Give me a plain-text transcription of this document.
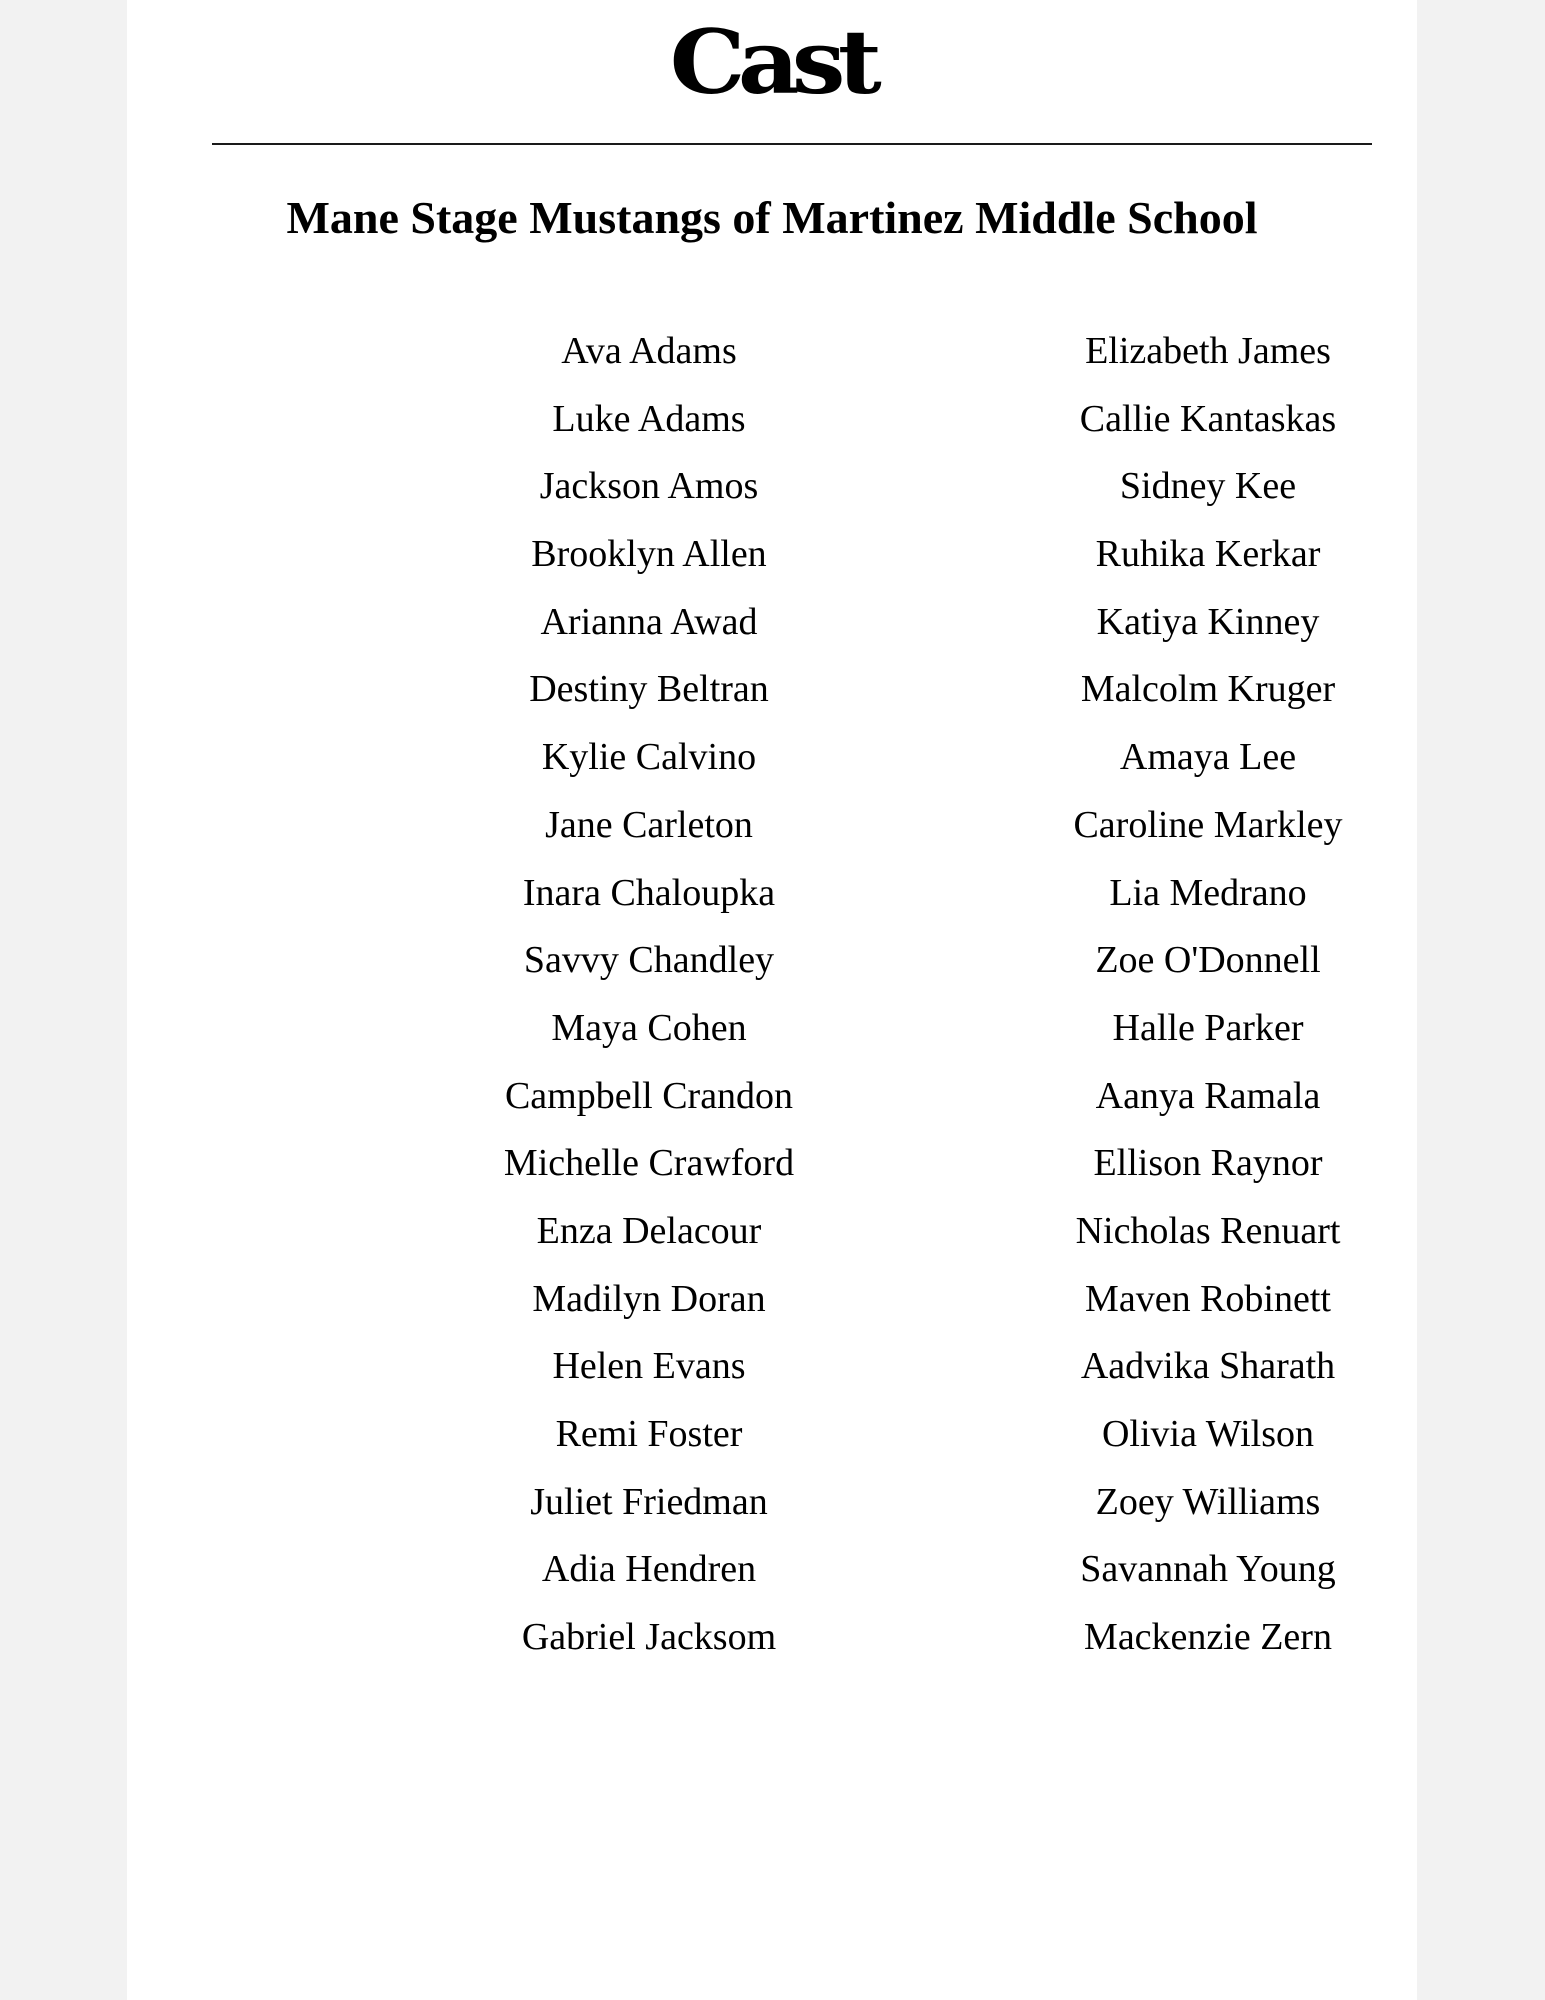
Cast
Mane Stage Mustangs of Martinez Middle School
Ava Adams
Luke Adams
Jackson Amos
Brooklyn Allen
Arianna Awad
Destiny Beltran
Kylie Calvino
Jane Carleton
Inara Chaloupka
Savvy Chandley
Maya Cohen
Campbell Crandon
Michelle Crawford
Enza Delacour
Madilyn Doran
Helen Evans
Remi Foster
Juliet Friedman
Adia Hendren
Gabriel Jacksom
Elizabeth James
Callie Kantaskas
Sidney Kee
Ruhika Kerkar
Katiya Kinney
Malcolm Kruger
Amaya Lee
Caroline Markley
Lia Medrano
Zoe O'Donnell
Halle Parker
Aanya Ramala
Ellison Raynor
Nicholas Renuart
Maven Robinett
Aadvika Sharath
Olivia Wilson
Zoey Williams
Savannah Young
Mackenzie Zern
